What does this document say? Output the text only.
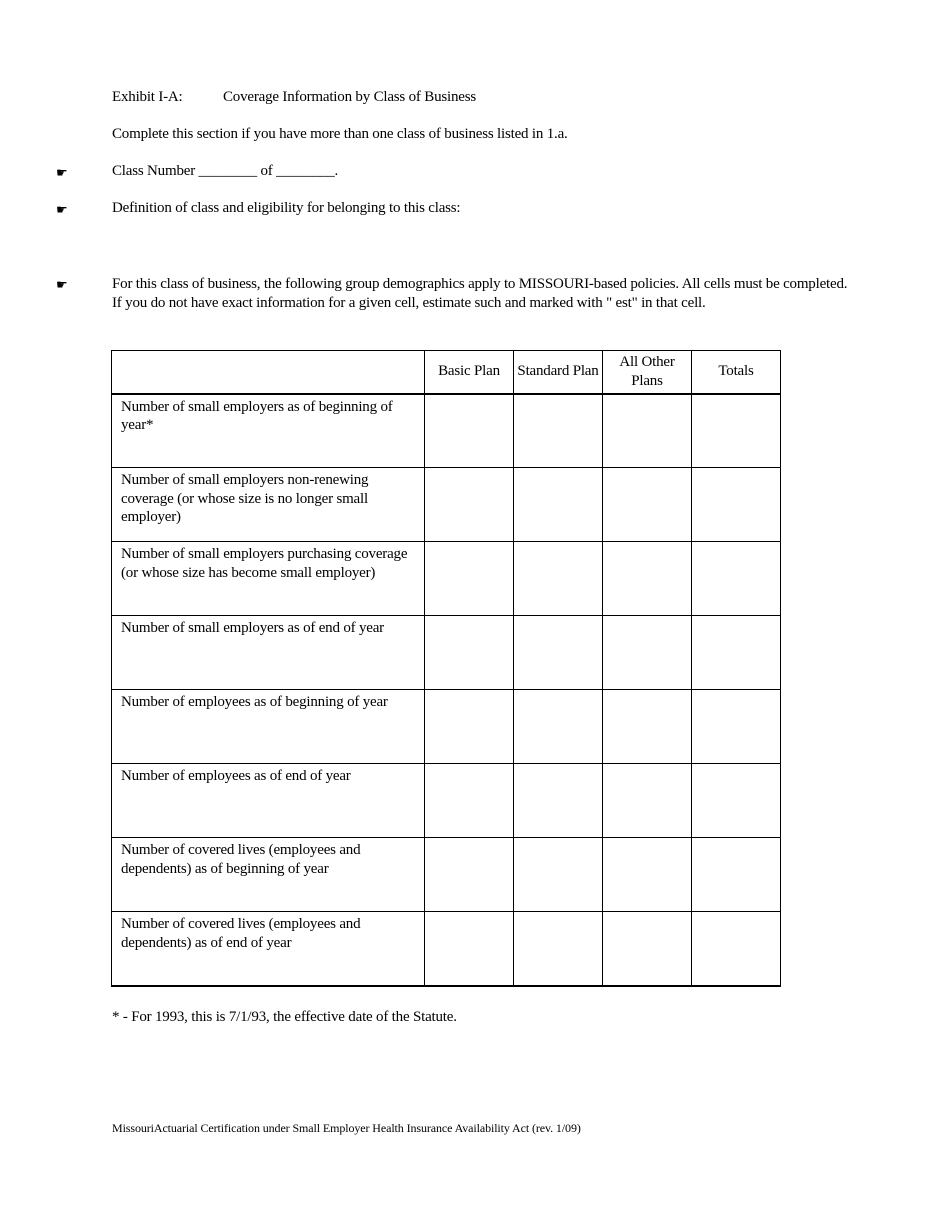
Exhibit I-A:	Coverage Information by Class of Business
Complete this section if you have more than one class of business listed in 1.a.
☛	Class Number ________ of ________.
☛	Definition of class and eligibility for belonging to this class:
☛	For this class of business, the following group demographics apply to MISSOURI-based policies. All cells must be completed. If you do not have exact information for a given cell, estimate such and marked with " est" in that cell.
	Basic Plan	Standard Plan	All Other Plans	Totals
Number of small employers as of beginning of year*				
Number of small employers non-renewing coverage (or whose size is no longer small employer)				
Number of small employers purchasing coverage (or whose size has become small employer)				
Number of small employers as of end of year				
Number of employees as of beginning of year				
Number of employees as of end of year				
Number of covered lives (employees and dependents) as of beginning of year				
Number of covered lives (employees and dependents) as of end of year				
* - For 1993, this is 7/1/93, the effective date of the Statute.
MissouriActuarial Certification under Small Employer Health Insurance Availability Act (rev. 1/09)
